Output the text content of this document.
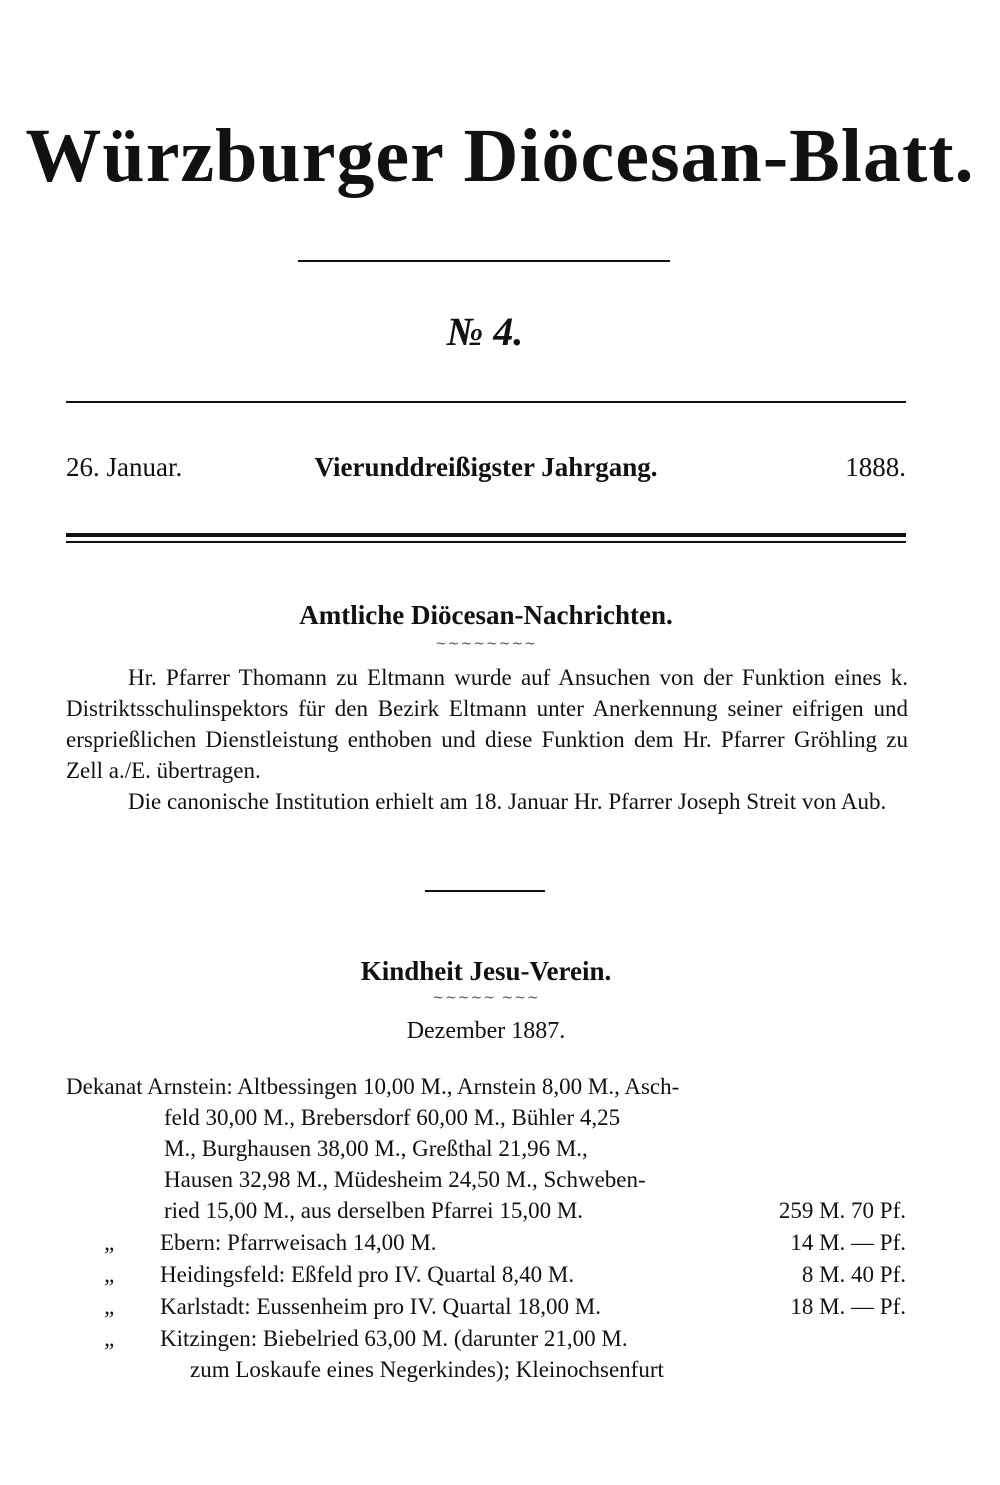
Würzburger Diöcesan-Blatt.
№ 4.
26. Januar.	Vierunddreißigster Jahrgang.	1888.
Amtliche Diöcesan-Nachrichten.
~~~~~~~~

Hr. Pfarrer Thomann zu Eltmann wurde auf Ansuchen von der Funktion eines k. Distriktsschulinspektors für den Bezirk Eltmann unter Anerkennung seiner eifrigen und ersprießlichen Dienstleistung enthoben und diese Funktion dem Hr. Pfarrer Gröhling zu Zell a./E. übertragen.

Die canonische Institution erhielt am 18. Januar Hr. Pfarrer Joseph Streit von Aub.

Kindheit Jesu-Verein.
~~~~~ ~~~
Dezember 1887.
Dekanat Arnstein: Altbessingen 10,00 M., Arnstein 8,00 M., Asch-
feld 30,00 M., Brebersdorf 60,00 M., Bühler 4,25
M., Burghausen 38,00 M., Greßthal 21,96 M.,
Hausen 32,98 M., Müdesheim 24,50 M., Schweben-
ried 15,00 M., aus derselben Pfarrei 15,00 M.	259 M. 70 Pf.
„ Ebern: Pfarrweisach 14,00 M.	14 M. — Pf.
„ Heidingsfeld: Eßfeld pro IV. Quartal 8,40 M.	8 M. 40 Pf.
„ Karlstadt: Eussenheim pro IV. Quartal 18,00 M.	18 M. — Pf.
„ Kitzingen: Biebelried 63,00 M. (darunter 21,00 M.
zum Loskaufe eines Negerkindes); Kleinochsenfurt
